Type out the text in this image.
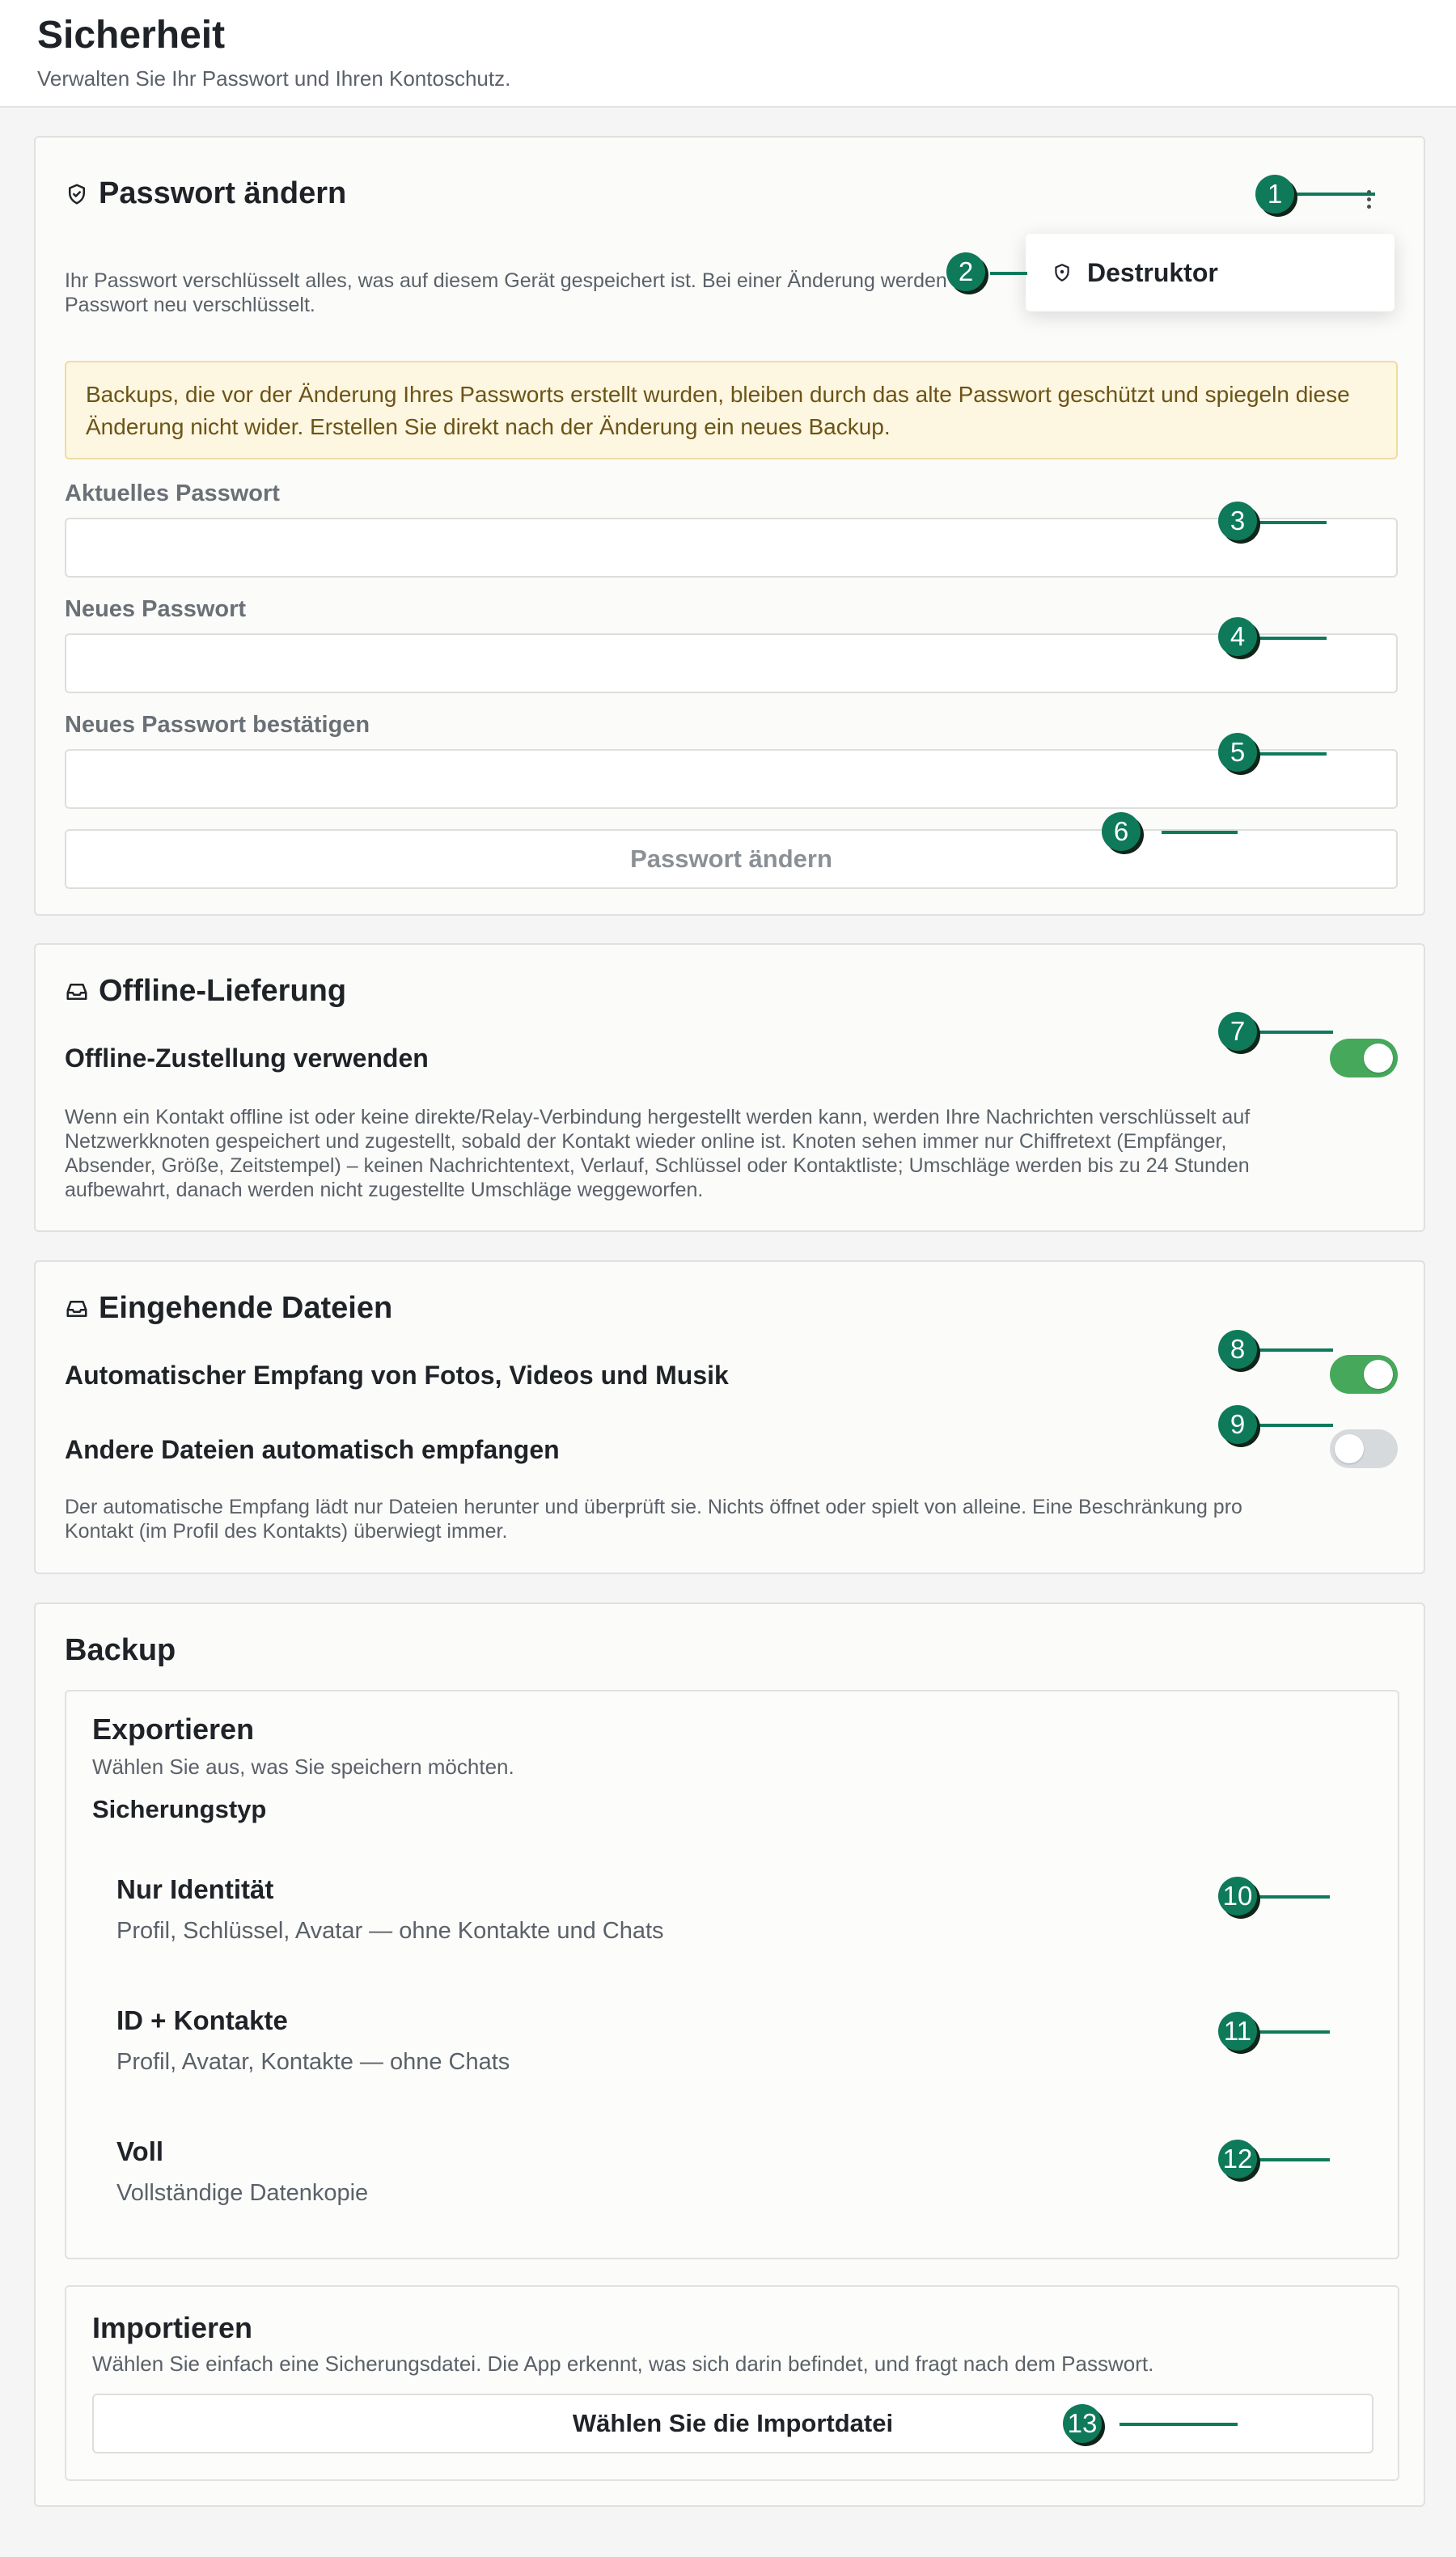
Sicherheit

Verwalten Sie Ihr Passwort und Ihren Kontoschutz.

Passwort ändern
Ihr Passwort verschlüsselt alles, was auf diesem Gerät gespeichert ist. Bei einer Änderung werden
Passwort neu verschlüsselt.
Backups, die vor der Änderung Ihres Passworts erstellt wurden, bleiben durch das alte Passwort geschützt und spiegeln diese Änderung nicht wider. Erstellen Sie direkt nach der Änderung ein neues Backup.
Aktuelles Passwort
Neues Passwort
Neues Passwort bestätigen
Passwort ändern
Destruktor
Offline-Lieferung
Offline-Zustellung verwenden
Wenn ein Kontakt offline ist oder keine direkte/Relay-Verbindung hergestellt werden kann, werden Ihre Nachrichten verschlüsselt auf
Netzwerkknoten gespeichert und zugestellt, sobald der Kontakt wieder online ist. Knoten sehen immer nur Chiffretext (Empfänger,
Absender, Größe, Zeitstempel) – keinen Nachrichtentext, Verlauf, Schlüssel oder Kontaktliste; Umschläge werden bis zu 24 Stunden
aufbewahrt, danach werden nicht zugestellte Umschläge weggeworfen.
Eingehende Dateien
Automatischer Empfang von Fotos, Videos und Musik
Andere Dateien automatisch empfangen
Der automatische Empfang lädt nur Dateien herunter und überprüft sie. Nichts öffnet oder spielt von alleine. Eine Beschränkung pro
Kontakt (im Profil des Kontakts) überwiegt immer.
Backup
Exportieren
Wählen Sie aus, was Sie speichern möchten.
Sicherungstyp
Nur Identität
Profil, Schlüssel, Avatar — ohne Kontakte und Chats
ID + Kontakte
Profil, Avatar, Kontakte — ohne Chats
Voll
Vollständige Datenkopie
Importieren
Wählen Sie einfach eine Sicherungsdatei. Die App erkennt, was sich darin befindet, und fragt nach dem Passwort.
Wählen Sie die Importdatei
1
2
3
4
5
6
7
8
9
10
11
12
13
